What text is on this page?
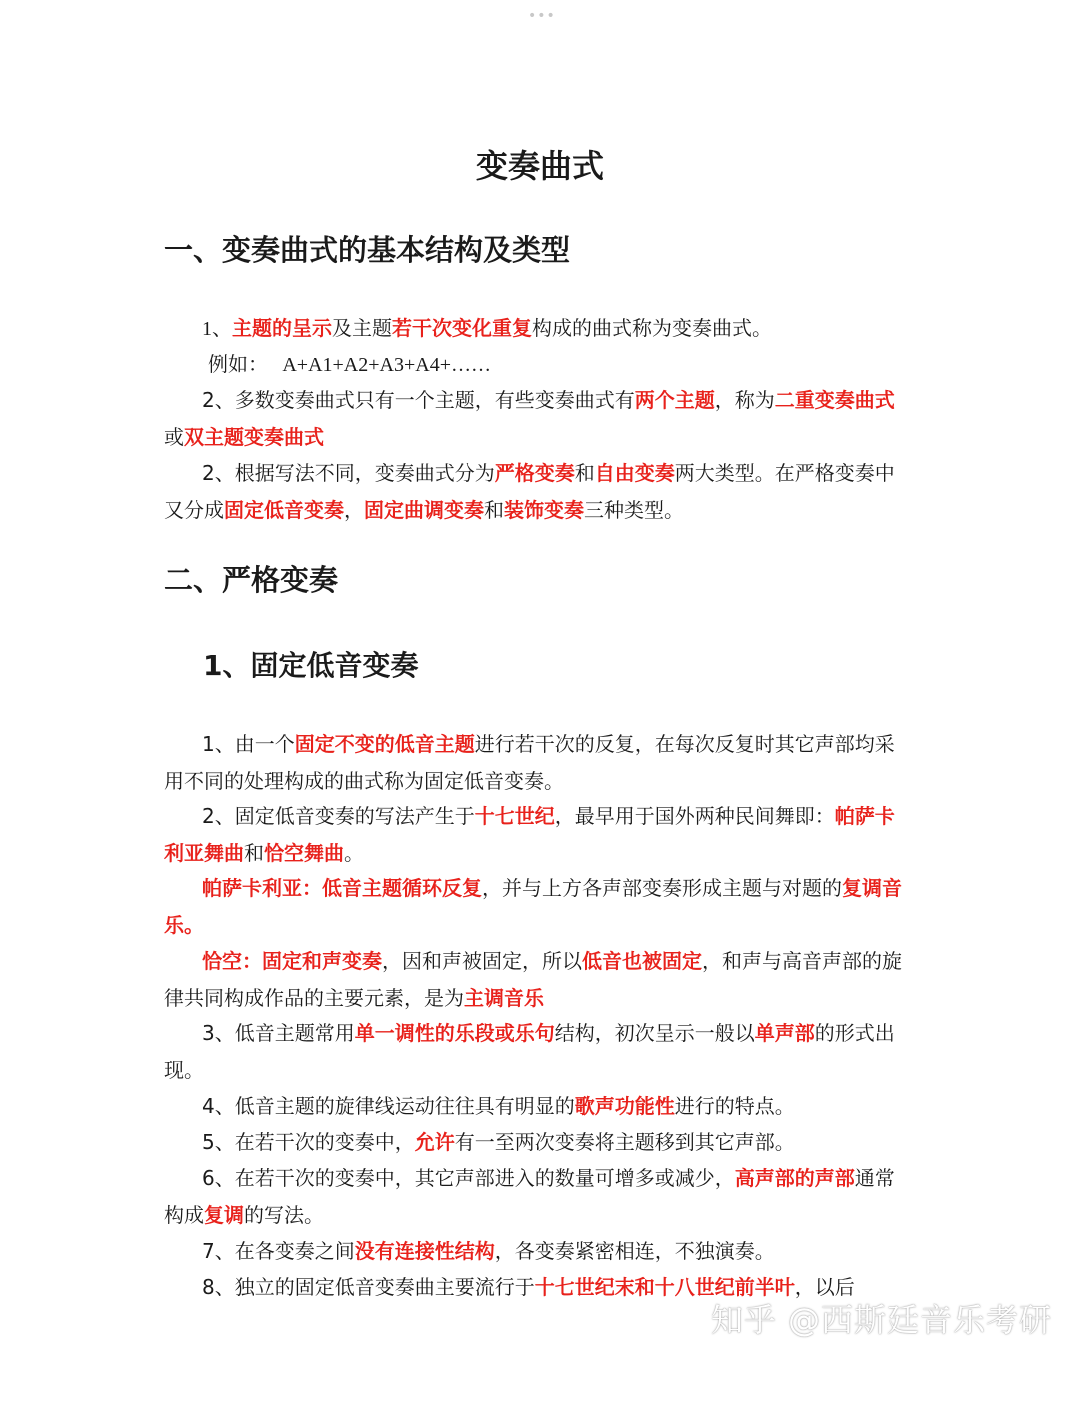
•••
变奏曲式
一、变奏曲式的基本结构及类型
1、主题的呈示及主题若干次变化重复构成的曲式称为变奏曲式。
例如： A+A1+A2+A3+A4+……
2、多数变奏曲式只有一个主题，有些变奏曲式有两个主题，称为二重变奏曲式或双主题变奏曲式
2、根据写法不同，变奏曲式分为严格变奏和自由变奏两大类型。在严格变奏中又分成固定低音变奏，固定曲调变奏和装饰变奏三种类型。
二、严格变奏
1、固定低音变奏
1、由一个固定不变的低音主题进行若干次的反复，在每次反复时其它声部均采用不同的处理构成的曲式称为固定低音变奏。
2、固定低音变奏的写法产生于十七世纪，最早用于国外两种民间舞即：帕萨卡利亚舞曲和恰空舞曲。
帕萨卡利亚：低音主题循环反复，并与上方各声部变奏形成主题与对题的复调音乐。
恰空：固定和声变奏，因和声被固定，所以低音也被固定，和声与高音声部的旋律共同构成作品的主要元素，是为主调音乐
3、低音主题常用单一调性的乐段或乐句结构，初次呈示一般以单声部的形式出现。
4、低音主题的旋律线运动往往具有明显的歌声功能性进行的特点。
5、在若干次的变奏中，允许有一至两次变奏将主题移到其它声部。
6、在若干次的变奏中，其它声部进入的数量可增多或减少，高声部的声部通常构成复调的写法。
7、在各变奏之间没有连接性结构，各变奏紧密相连，不独演奏。
8、独立的固定低音变奏曲主要流行于十七世纪末和十八世纪前半叶，以后
知乎 @西斯廷音乐考研
